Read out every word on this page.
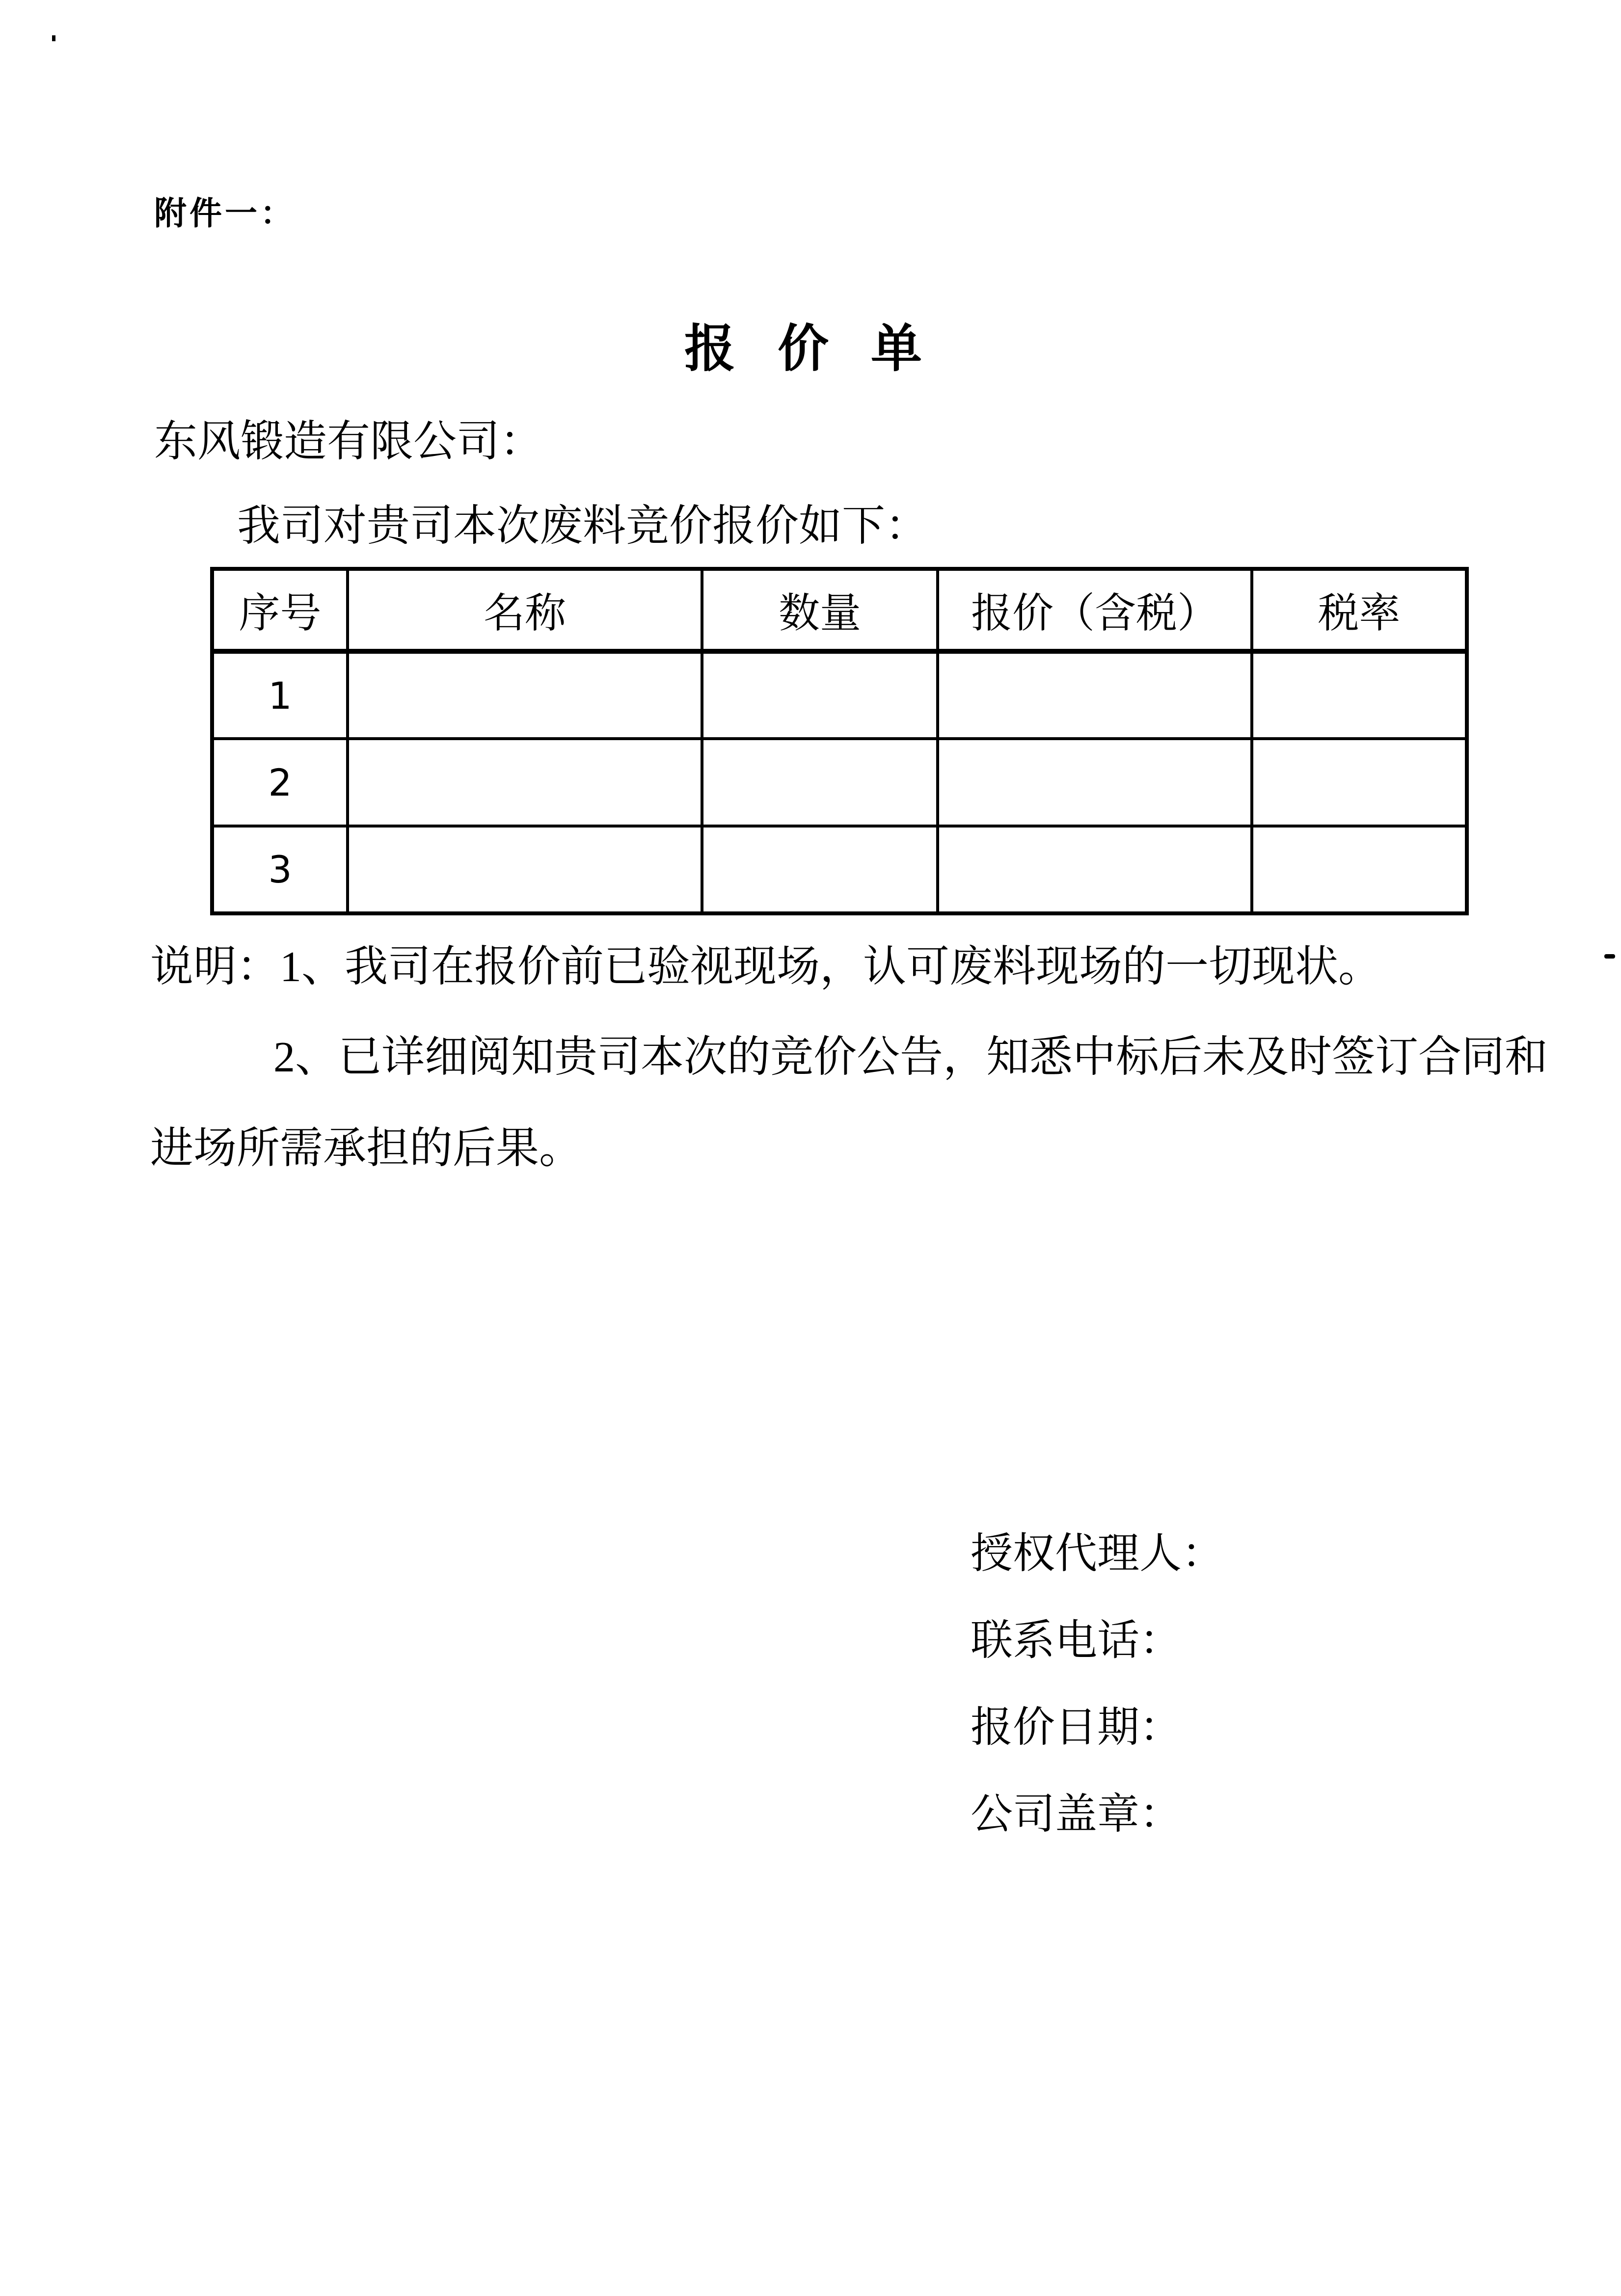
附件一：
报 价 单
东风锻造有限公司：
我司对贵司本次废料竞价报价如下：
序号	名称	数量	报价（含税）	税率
1				
2				
3				
说明：1、我司在报价前已验视现场，认可废料现场的一切现状。
2、已详细阅知贵司本次的竞价公告，知悉中标后未及时签订合同和
进场所需承担的后果。
授权代理人：
联系电话：
报价日期：
公司盖章：
